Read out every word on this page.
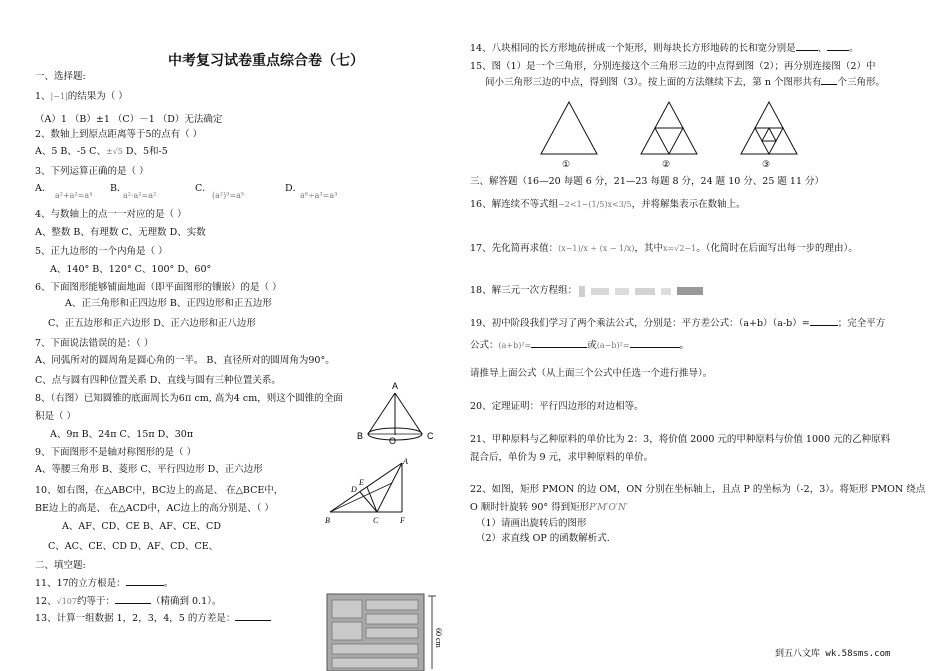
中考复习试卷重点综合卷（七）
一、选择题:
1、|−1|的结果为（ ）
（A）1 （B）±1 （C）－1 （D）无法确定
2、数轴上到原点距离等于5的点有（ ）
A、5 B、-5 C、±√5 D、5和-5
3、下列运算正确的是（ ）
A．
a²+a²=a⁴
B．
a²·a²=a²
C．
(a²)³=a⁵
D．
a⁶÷a³=a³
4、与数轴上的点一一对应的是（ ）
A、整数 B、有理数 C、无理数 D、实数
5、正九边形的一个内角是（ ）
A、140° B、120° C、100° D、60°
6、下面图形能够铺面地面（即平面图形的镶嵌）的是（ ）
A、正三角形和正四边形 B、正四边形和正五边形
C、正五边形和正六边形 D、正六边形和正八边形
7、下面说法错误的是：（ ）
A、同弧所对的圆周角是圆心角的一半。 B、直径所对的圆周角为90°。
C、点与圆有四种位置关系 D、直线与圆有三种位置关系。
8、（右图）已知圆锥的底面周长为6π cm, 高为4 cm，则这个圆锥的全面
积是（ ）
A、9π B、24π C、15π D、30π
9、下面图形不是轴对称图形的是（ ）
A、等腰三角形 B、菱形 C、平行四边形 D、正六边形
10、如右图，在△ABC中，BC边上的高是、 在△BCE中，
BE边上的高是、 在△ACD中，AC边上的高分别是、（ ）
A、AF、CD、CE B、AF、CE、CD
C、AC、CE、CD D、AF、CD、CE、
二、填空题:
11、17的立方根是：	。
12、√107约等于：	（精确到 0.1）。
13、计算一组数据 1，2，3，4，5 的方差是：
A
B	O	C
A
D
E
B	C	F
60 cm
14、八块相同的长方形地砖拼成一个矩形，则每块长方形地砖的长和宽分别是 、 。
15、图（1）是一个三角形，分别连接这个三角形三边的中点得到图（2）；再分别连接图（2）中
间小三角形三边的中点，得到图（3）。按上面的方法继续下去，第 n 个图形共有 个三角形。
①	②	③
三、解答题（16—20 每题 6 分，21—23 每题 8 分，24 题 10 分、25 题 11 分）
16、解连续不等式组−2<1−(1/5)x<3/5，并将解集表示在数轴上。
17、先化简再求值：(x−1)/x ÷ (x − 1/x)，其中x=√2−1。（化简时在后面写出每一步的理由）。
18、解三元一次方程组：
19、初中阶段我们学习了两个乘法公式，分别是：平方差公式：（a+b）（a-b）=	；完全平方
公式：(a+b)²=	或(a−b)²=	。
请推导上面公式（从上面三个公式中任选一个进行推导）。
20、定理证明：平行四边形的对边相等。
21、甲种原料与乙种原料的单价比为 2：3，将价值 2000 元的甲种原料与价值 1000 元的乙种原料
混合后，单价为 9 元，求甲种原料的单价。
22、如图，矩形 PMON 的边 OM，ON 分别在坐标轴上，且点 P 的坐标为（-2，3）。将矩形 PMON 绕点
O 顺时针旋转 90° 得到矩形P′M′O′N′
（1）请画出旋转后的图形
（2）求直线 OP 的函数解析式.
到五八文库 wk.58sms.com
